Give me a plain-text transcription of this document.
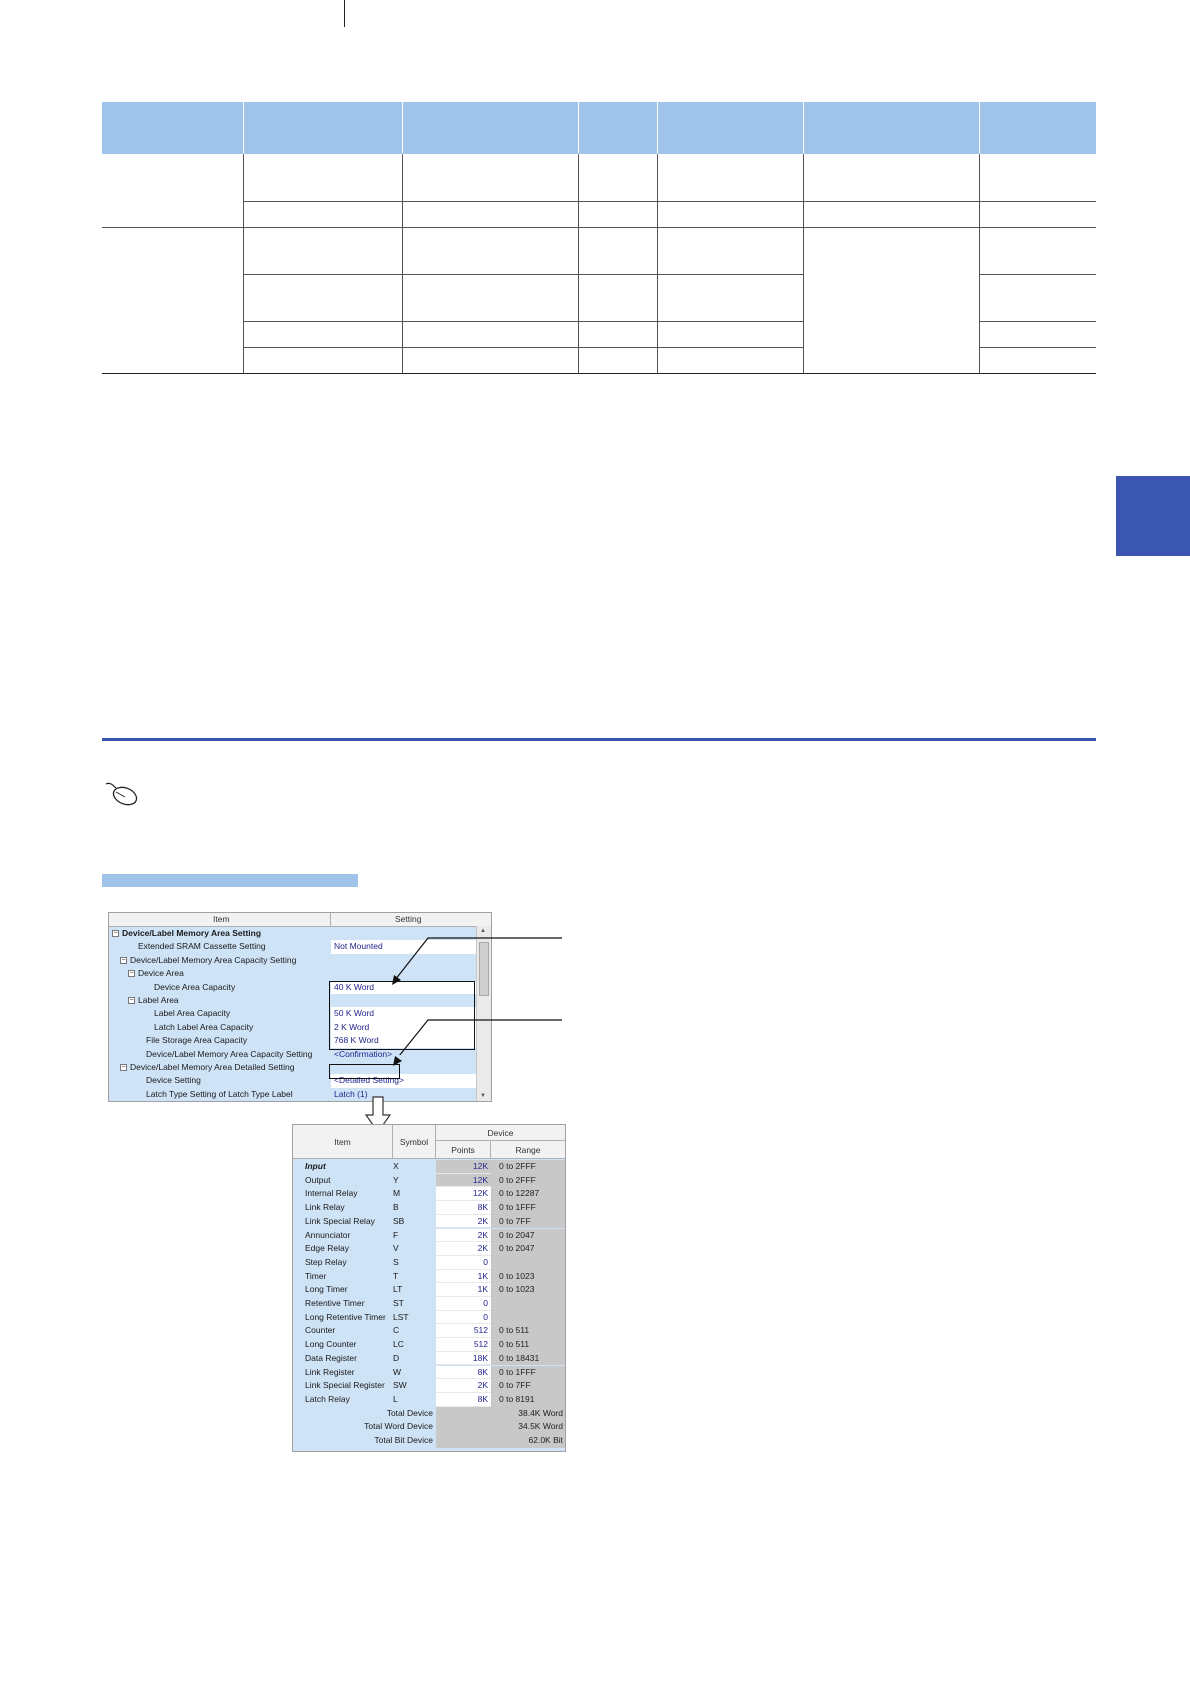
Item	Setting
− Device/Label Memory Area Setting
Extended SRAM Cassette Setting	Not Mounted
− Device/Label Memory Area Capacity Setting
− Device Area
Device Area Capacity	40 K Word
− Label Area
Label Area Capacity	50 K Word
Latch Label Area Capacity	2 K Word
File Storage Area Capacity	768 K Word
Device/Label Memory Area Capacity Setting	<Confirmation>
− Device/Label Memory Area Detailed Setting
Device Setting	<Detailed Setting>
Latch Type Setting of Latch Type Label	Latch (1)
▲
▼
Item	Symbol
Device
Points	Range
Input	X	12K	0 to 2FFF
Output	Y	12K	0 to 2FFF
Internal Relay	M	12K	0 to 12287
Link Relay	B	8K	0 to 1FFF
Link Special Relay	SB	2K	0 to 7FF
Annunciator	F	2K	0 to 2047
Edge Relay	V	2K	0 to 2047
Step Relay	S	0
Timer	T	1K	0 to 1023
Long Timer	LT	1K	0 to 1023
Retentive Timer	ST	0
Long Retentive Timer LST	0
Counter	C	512	0 to 511
Long Counter	LC	512	0 to 511
Data Register	D	18K	0 to 18431
Link Register	W	8K	0 to 1FFF
Link Special Register SW	2K	0 to 7FF
Latch Relay	L	8K	0 to 8191
Total Device	38.4K Word
Total Word Device	34.5K Word
Total Bit Device	62.0K Bit
